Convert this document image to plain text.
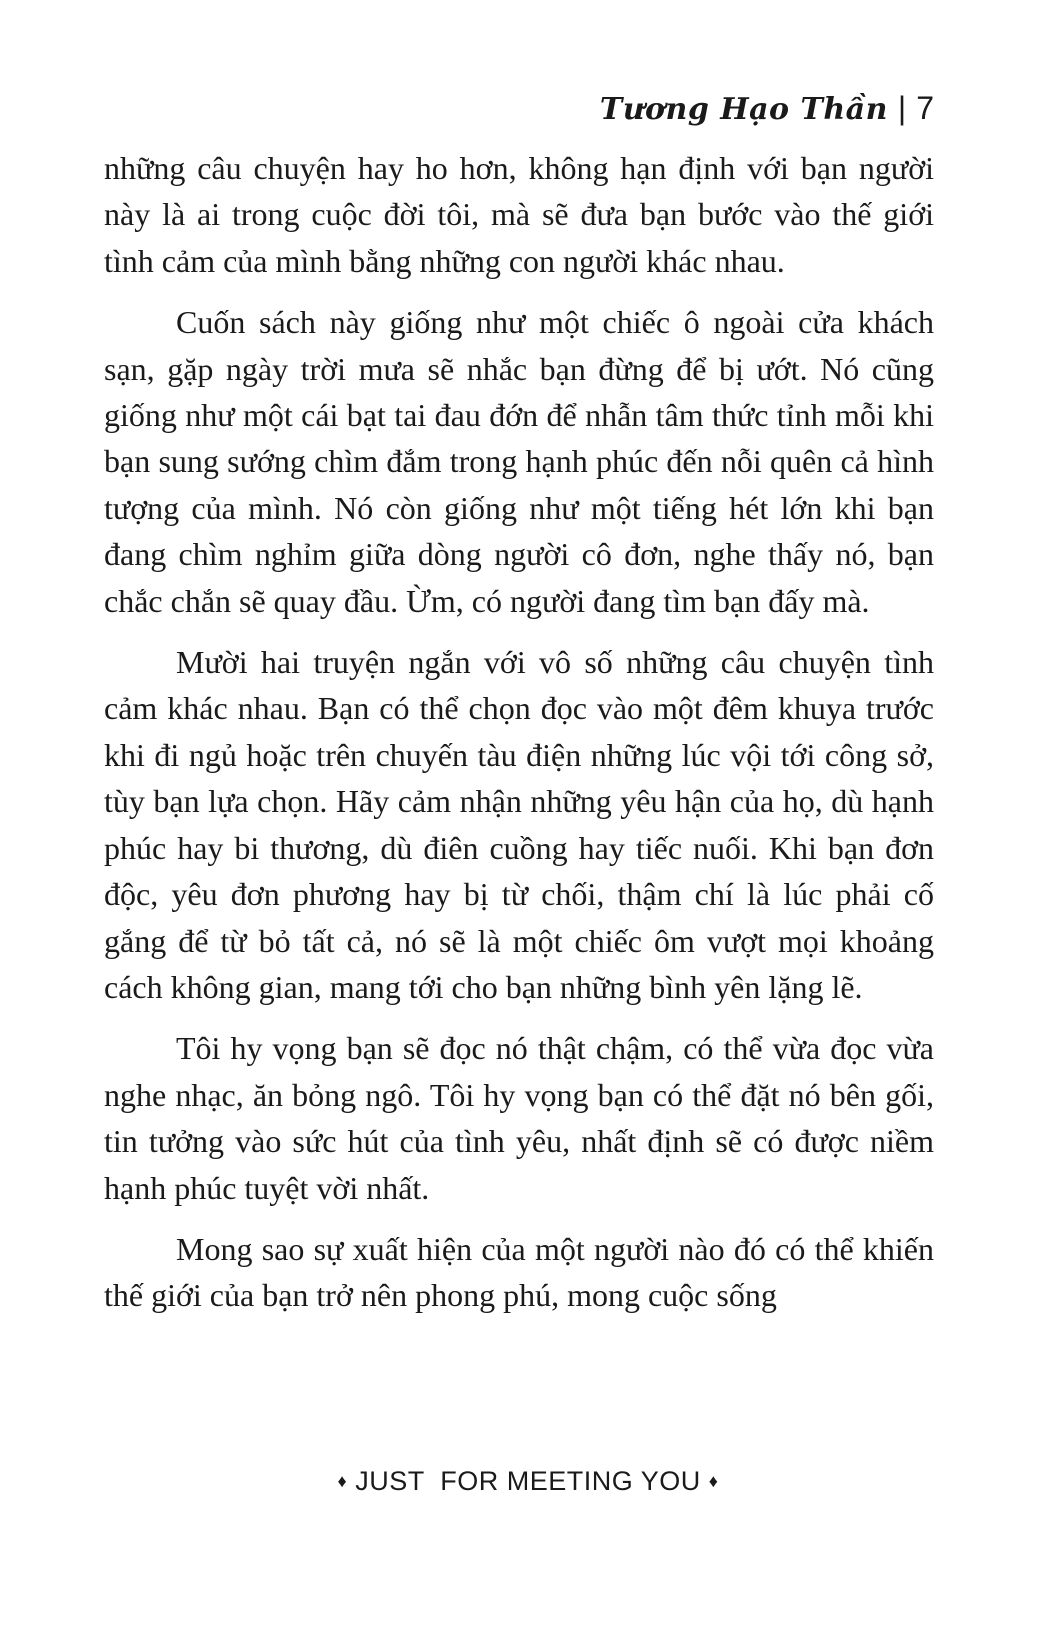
Tương Hạo Thần | 7

những câu chuyện hay ho hơn, không hạn định với bạn người này là ai trong cuộc đời tôi, mà sẽ đưa bạn bước vào thế giới tình cảm của mình bằng những con người khác nhau.

Cuốn sách này giống như một chiếc ô ngoài cửa khách sạn, gặp ngày trời mưa sẽ nhắc bạn đừng để bị ướt. Nó cũng giống như một cái bạt tai đau đớn để nhẫn tâm thức tỉnh mỗi khi bạn sung sướng chìm đắm trong hạnh phúc đến nỗi quên cả hình tượng của mình. Nó còn giống như một tiếng hét lớn khi bạn đang chìm nghỉm giữa dòng người cô đơn, nghe thấy nó, bạn chắc chắn sẽ quay đầu. Ừm, có người đang tìm bạn đấy mà.

Mười hai truyện ngắn với vô số những câu chuyện tình cảm khác nhau. Bạn có thể chọn đọc vào một đêm khuya trước khi đi ngủ hoặc trên chuyến tàu điện những lúc vội tới công sở, tùy bạn lựa chọn. Hãy cảm nhận những yêu hận của họ, dù hạnh phúc hay bi thương, dù điên cuồng hay tiếc nuối. Khi bạn đơn độc, yêu đơn phương hay bị từ chối, thậm chí là lúc phải cố gắng để từ bỏ tất cả, nó sẽ là một chiếc ôm vượt mọi khoảng cách không gian, mang tới cho bạn những bình yên lặng lẽ.

Tôi hy vọng bạn sẽ đọc nó thật chậm, có thể vừa đọc vừa nghe nhạc, ăn bỏng ngô. Tôi hy vọng bạn có thể đặt nó bên gối, tin tưởng vào sức hút của tình yêu, nhất định sẽ có được niềm hạnh phúc tuyệt vời nhất.

Mong sao sự xuất hiện của một người nào đó có thể khiến thế giới của bạn trở nên phong phú, mong cuộc sống

♦ JUST  FOR MEETING YOU ♦
